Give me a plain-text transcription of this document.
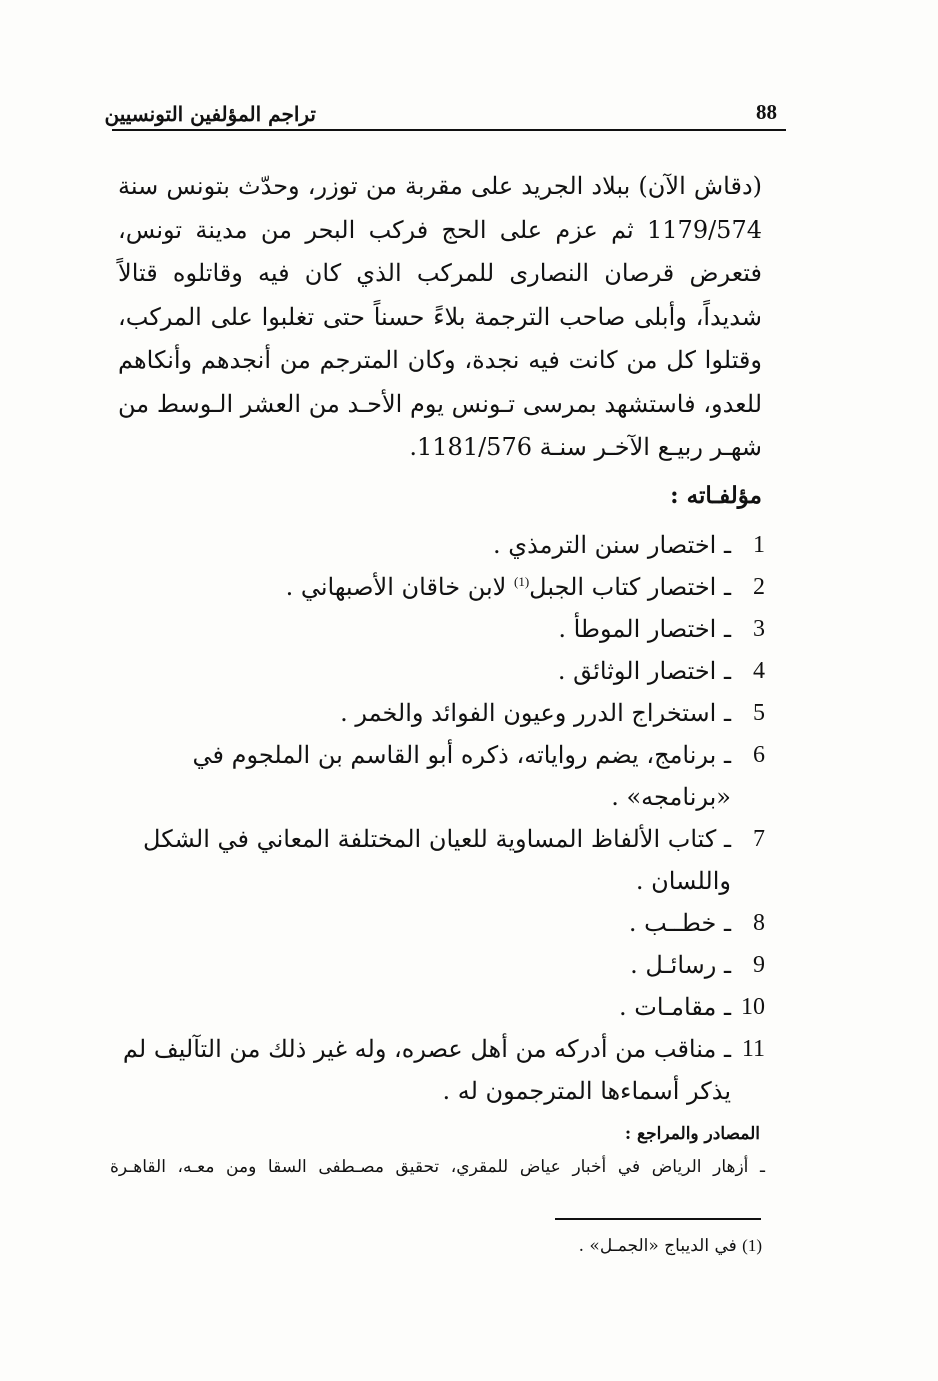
تراجم المؤلفين التونسيين	88

(دقاش الآن) ببلاد الجريد على مقربة من توزر، وحدّث بتونس سنة 1179/574 ثم عزم على الحج فركب البحر من مدينة تونس، فتعرض قرصان النصارى للمركب الذي كان فيه وقاتلوه قتالاً شديداً، وأبلى صاحب الترجمة بلاءً حسناً حتى تغلبوا على المركب، وقتلوا كل من كانت فيه نجدة، وكان المترجم من أنجدهم وأنكاهم للعدو، فاستشهد بمرسى تـونس يوم الأحـد من العشر الـوسط من شهـر ربيـع الآخـر سنـة 1181/576.

مؤلفـاته :
1
ـ اختصار سنن الترمذي .
2
ـ اختصار كتاب الجبل$^{(1)}$ لابن خاقان الأصبهاني .
3
ـ اختصار الموطأ .
4
ـ اختصار الوثائق .
5
ـ استخراج الدرر وعيون الفوائد والخمر .
6
ـ برنامج، يضم رواياته، ذكره أبو القاسم بن الملجوم في «برنامجه» .
7
ـ كتاب الألفاظ المساوية للعيان المختلفة المعاني في الشكل واللسان .
8
ـ خطــب .
9
ـ رسائـل .
10
ـ مقامـات .
11
ـ مناقب من أدركه من أهل عصره، وله غير ذلك من التآليف لم يذكر أسماءها المترجمون له .
المصادر والمراجع :

ـ أزهار الرياض في أخبار عياض للمقري، تحقيق مصـطفى السقا ومن معـه، القاهـرة

(1) في الديباج «الجمـل» .
